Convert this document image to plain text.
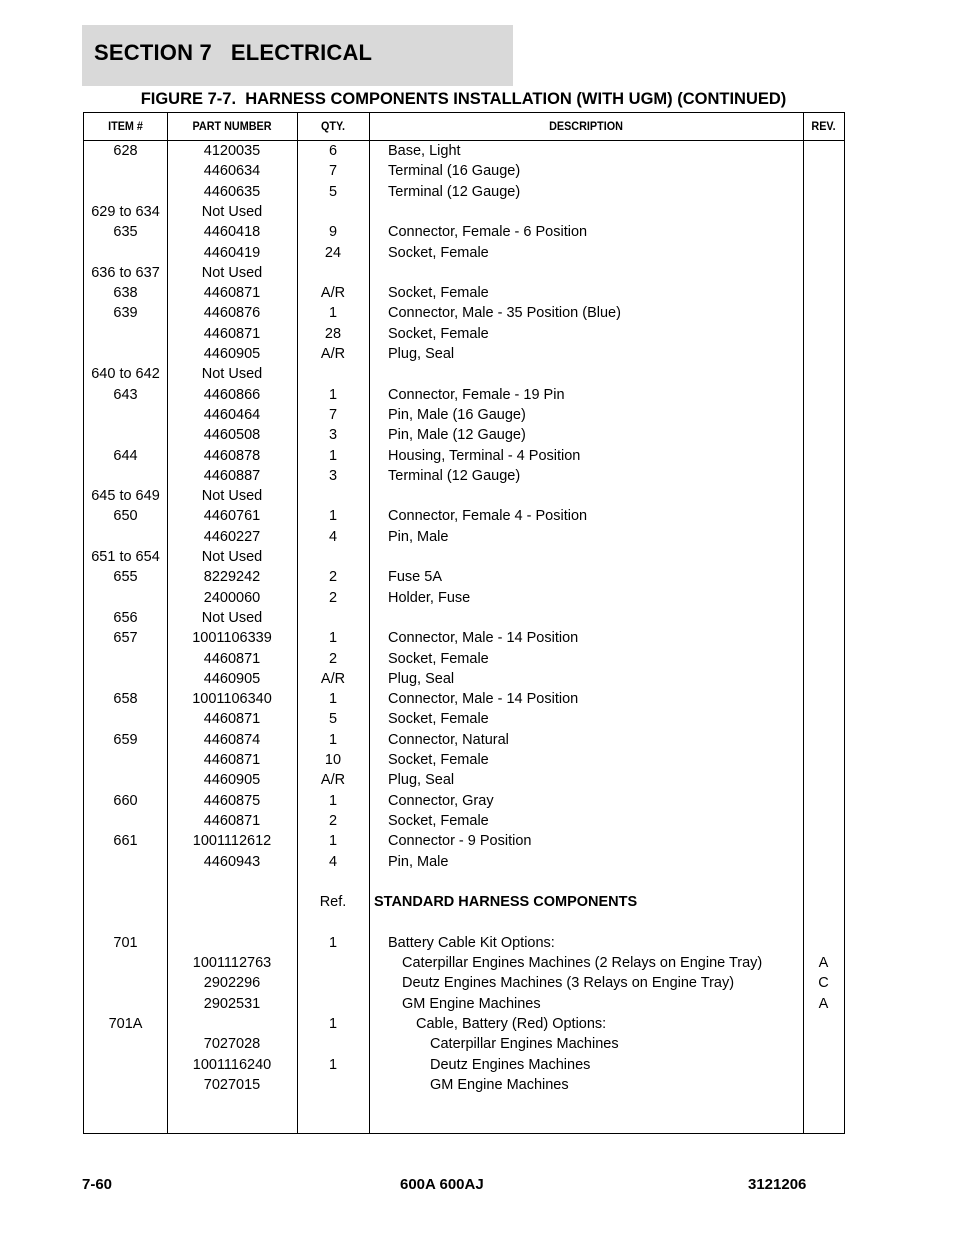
SECTION 7   ELECTRICAL
FIGURE 7-7.  HARNESS COMPONENTS INSTALLATION (WITH UGM) (CONTINUED)
ITEM #	PART NUMBER	QTY.	DESCRIPTION	REV.
628	4120035	6	Base, Light
4460634	7	Terminal (16 Gauge)
4460635	5	Terminal (12 Gauge)
629 to 634	Not Used
635	4460418	9	Connector, Female - 6 Position
4460419	24	Socket, Female
636 to 637	Not Used
638	4460871	A/R	Socket, Female
639	4460876	1	Connector, Male - 35 Position (Blue)
4460871	28	Socket, Female
4460905	A/R	Plug, Seal
640 to 642	Not Used
643	4460866	1	Connector, Female - 19 Pin
4460464	7	Pin, Male (16 Gauge)
4460508	3	Pin, Male (12 Gauge)
644	4460878	1	Housing, Terminal - 4 Position
4460887	3	Terminal (12 Gauge)
645 to 649	Not Used
650	4460761	1	Connector, Female 4 - Position
4460227	4	Pin, Male
651 to 654	Not Used
655	8229242	2	Fuse 5A
2400060	2	Holder, Fuse
656	Not Used
657	1001106339	1	Connector, Male - 14 Position
4460871	2	Socket, Female
4460905	A/R	Plug, Seal
658	1001106340	1	Connector, Male - 14 Position
4460871	5	Socket, Female
659	4460874	1	Connector, Natural
4460871	10	Socket, Female
4460905	A/R	Plug, Seal
660	4460875	1	Connector, Gray
4460871	2	Socket, Female
661	1001112612	1	Connector - 9 Position
4460943	4	Pin, Male
Ref.	STANDARD HARNESS COMPONENTS
701	1	Battery Cable Kit Options:
1001112763	Caterpillar Engines Machines (2 Relays on Engine Tray)	A
2902296	Deutz Engines Machines (3 Relays on Engine Tray)	C
2902531	GM Engine Machines	A
701A	1	Cable, Battery (Red) Options:
7027028	Caterpillar Engines Machines
1001116240	1	Deutz Engines Machines
7027015	GM Engine Machines
7-60	600A 600AJ	3121206
